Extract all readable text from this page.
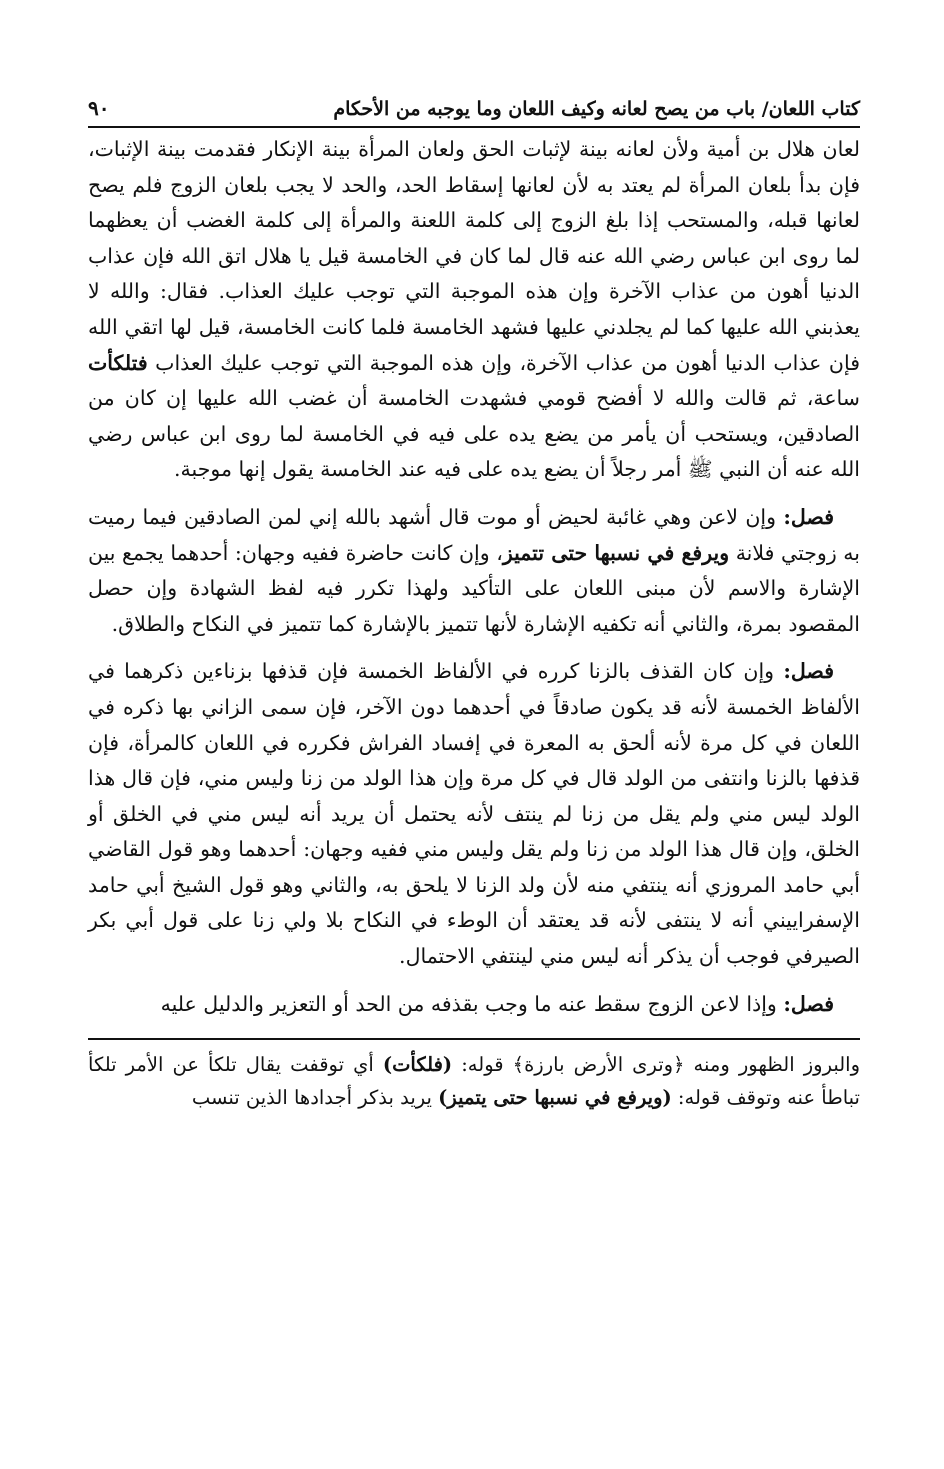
كتاب اللعان/ باب من يصح لعانه وكيف اللعان وما يوجبه من الأحكام
٩٠

لعان هلال بن أمية ولأن لعانه بينة لإثبات الحق ولعان المرأة بينة الإنكار فقدمت بينة الإثبات، فإن بدأ بلعان المرأة لم يعتد به لأن لعانها إسقاط الحد، والحد لا يجب بلعان الزوج فلم يصح لعانها قبله، والمستحب إذا بلغ الزوج إلى كلمة اللعنة والمرأة إلى كلمة الغضب أن يعظهما لما روى ابن عباس رضي الله عنه قال لما كان في الخامسة قيل يا هلال اتق الله فإن عذاب الدنيا أهون من عذاب الآخرة وإن هذه الموجبة التي توجب عليك العذاب. فقال: والله لا يعذبني الله عليها كما لم يجلدني عليها فشهد الخامسة فلما كانت الخامسة، قيل لها اتقي الله فإن عذاب الدنيا أهون من عذاب الآخرة، وإن هذه الموجبة التي توجب عليك العذاب فتلكأت ساعة، ثم قالت والله لا أفضح قومي فشهدت الخامسة أن غضب الله عليها إن كان من الصادقين، ويستحب أن يأمر من يضع يده على فيه في الخامسة لما روى ابن عباس رضي الله عنه أن النبي ﷺ أمر رجلاً أن يضع يده على فيه عند الخامسة يقول إنها موجبة.

فصل: وإن لاعن وهي غائبة لحيض أو موت قال أشهد بالله إني لمن الصادقين فيما رميت به زوجتي فلانة ويرفع في نسبها حتى تتميز، وإن كانت حاضرة ففيه وجهان: أحدهما يجمع بين الإشارة والاسم لأن مبنى اللعان على التأكيد ولهذا تكرر فيه لفظ الشهادة وإن حصل المقصود بمرة، والثاني أنه تكفيه الإشارة لأنها تتميز بالإشارة كما تتميز في النكاح والطلاق.

فصل: وإن كان القذف بالزنا كرره في الألفاظ الخمسة فإن قذفها بزناءين ذكرهما في الألفاظ الخمسة لأنه قد يكون صادقاً في أحدهما دون الآخر، فإن سمى الزاني بها ذكره في اللعان في كل مرة لأنه ألحق به المعرة في إفساد الفراش فكرره في اللعان كالمرأة، فإن قذفها بالزنا وانتفى من الولد قال في كل مرة وإن هذا الولد من زنا وليس مني، فإن قال هذا الولد ليس مني ولم يقل من زنا لم ينتف لأنه يحتمل أن يريد أنه ليس مني في الخلق أو الخلق، وإن قال هذا الولد من زنا ولم يقل وليس مني ففيه وجهان: أحدهما وهو قول القاضي أبي حامد المروزي أنه ينتفي منه لأن ولد الزنا لا يلحق به، والثاني وهو قول الشيخ أبي حامد الإسفراييني أنه لا ينتفى لأنه قد يعتقد أن الوطء في النكاح بلا ولي زنا على قول أبي بكر الصيرفي فوجب أن يذكر أنه ليس مني لينتفي الاحتمال.

فصل: وإذا لاعن الزوج سقط عنه ما وجب بقذفه من الحد أو التعزير والدليل عليه

والبروز الظهور ومنه ﴿وترى الأرض بارزة﴾ قوله: (فلكأت) أي توقفت يقال تلكأ عن الأمر تلكأ تباطأ عنه وتوقف قوله: (ويرفع في نسبها حتى يتميز) يريد بذكر أجدادها الذين تنسب
